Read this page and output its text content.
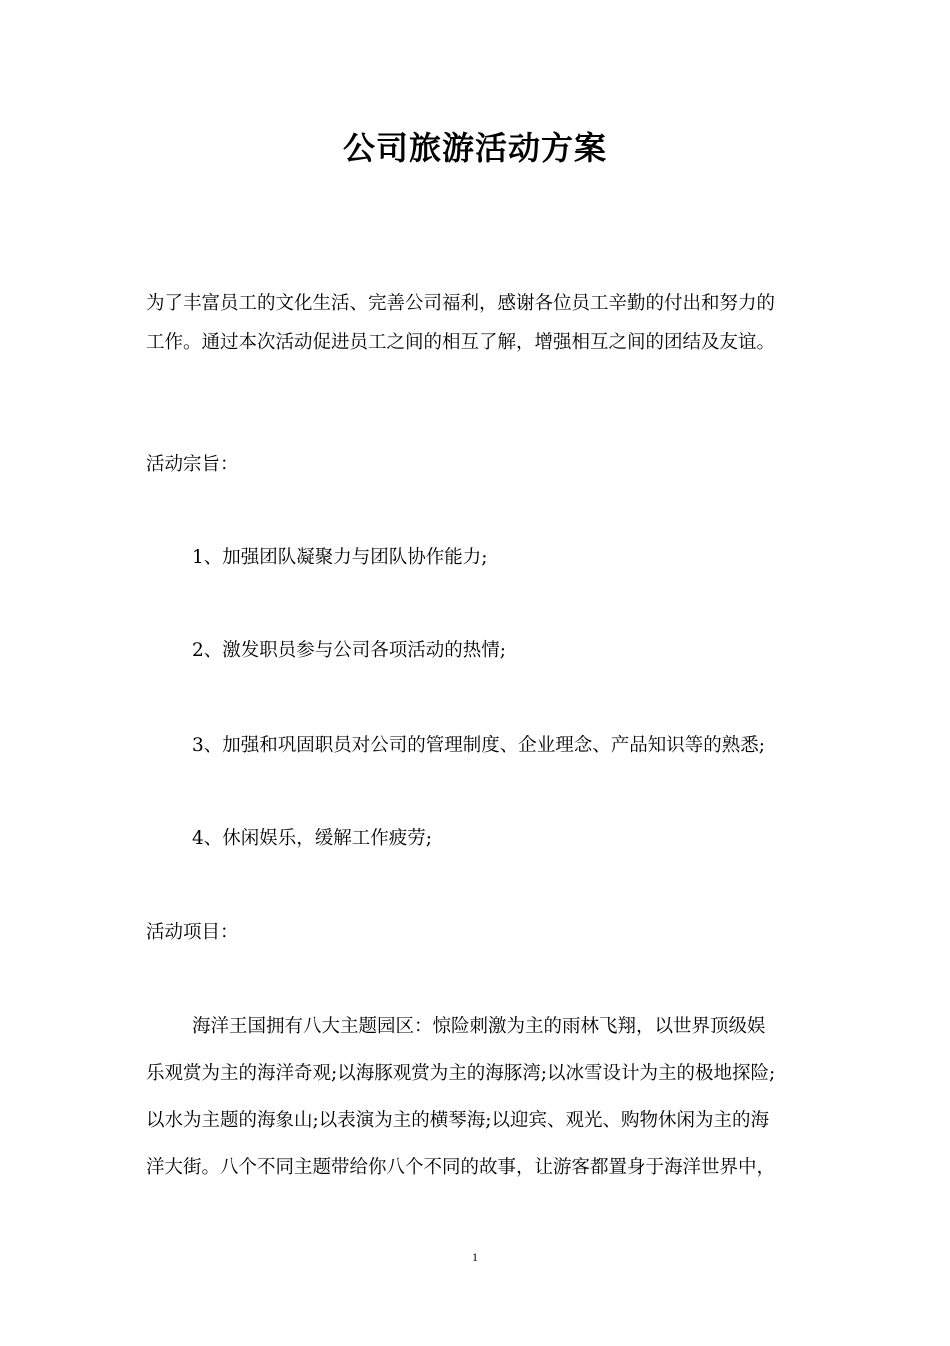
公司旅游活动方案
为了丰富员工的文化生活、完善公司福利，感谢各位员工辛勤的付出和努力的
工作。通过本次活动促进员工之间的相互了解，增强相互之间的团结及友谊。
活动宗旨：
1、加强团队凝聚力与团队协作能力;
2、激发职员参与公司各项活动的热情;
3、加强和巩固职员对公司的管理制度、企业理念、产品知识等的熟悉;
4、休闲娱乐，缓解工作疲劳;
活动项目：
海洋王国拥有八大主题园区：惊险刺激为主的雨林飞翔，以世界顶级娱
乐观赏为主的海洋奇观;以海豚观赏为主的海豚湾;以冰雪设计为主的极地探险;
以水为主题的海象山;以表演为主的横琴海;以迎宾、观光、购物休闲为主的海
洋大街。八个不同主题带给你八个不同的故事，让游客都置身于海洋世界中，
1
